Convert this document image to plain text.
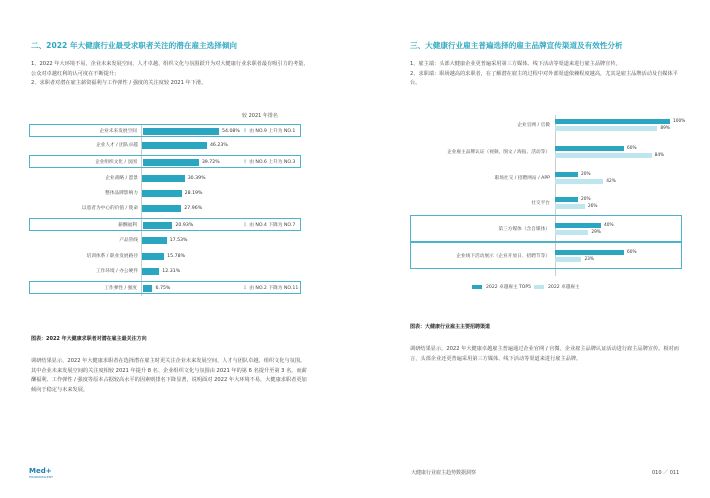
二、2022 年大健康行业最受求职者关注的潜在雇主选择倾向

1、2022 年大环境不易，企业未来发展空间、人才卓越、组织文化与氛围跃升为对大健康行业求职者最有吸引力的考量，公众对卓越红利的认可度在不断提升；

2、求职者对潜在雇主薪资福利与工作弹性 / 强度的关注度较 2021 年下滑。

较 2021 年排名
企业未来发展空间	54.08% ⇧ 由 NO.9 上升为 NO.1
企业人才 / 团队卓越	46.23%
企业组织文化 / 氛围	39.72%	⇧ 由 NO.6 上升为 NO.3
企业战略 / 愿景	30.39%
整体品牌影响力	28.19%
以患者为中心的价值 / 使命	27.96%
薪酬福利	20.93%	⇩ 由 NO.4 下降为 NO.7
产品管线	17.53%
培训体系 / 职业发展路径	15.78%
工作环境 / 办公硬件	12.31%
工作弹性 / 强度	6.75%	⇩ 由 NO.2 下降为 NO.11
图表：2022 年大健康求职者对潜在雇主最关注方向
调研结果显示，2022 年大健康求职者在选择潜在雇主时更关注企业未来发展空间、人才与团队卓越、组织文化与氛围。其中企业未来发展空间的关注度相较 2021 年提升 8 名、企业组织文化与氛围由 2021 年的第 6 名提升至第 3 名。而薪酬福利、工作弹性 / 强度等原本占据较高水平的因素则排名下降显著，说明面对 2022 年大环境不易，大健康求职者更加倾向于稳定与未来发展。
三、大健康行业雇主普遍选择的雇主品牌宣传渠道及有效性分析

1、雇主端：头部大健康企业更普遍采用第三方媒体、线下活动等渠道来进行雇主品牌宣传。

2、求职端：职场越高的求职者，在了解潜在雇主的过程中对外部渠道依赖程度越高，尤其是雇主品牌活动及自媒体平台。

企业官网 / 官微
100%
89%
企业雇主品牌认证（视频、图文 / 海报、活动等）
60%
84%
职场社交 / 招聘网站 / APP
20%
42%
社交平台
20%
26%
第三方媒体（含自媒体）
40%
29%
企业线下活动展示（企业开放日、招聘节等）
60%
23%
2022 卓越雇主 TOP5	2022 卓越雇主
图表：大健康行业雇主主要招聘渠道
调研结果显示，2022 年大健康卓越雇主普遍通过企业官网 / 官微、企业雇主品牌认证活动进行雇主品牌宣传。相对而言，头部企业还更普遍采用第三方媒体、线下活动等渠道来进行雇主品牌。
Med+
PHARMATALENT
大健康行业雇主趋势数据洞察	010 ／ 011
